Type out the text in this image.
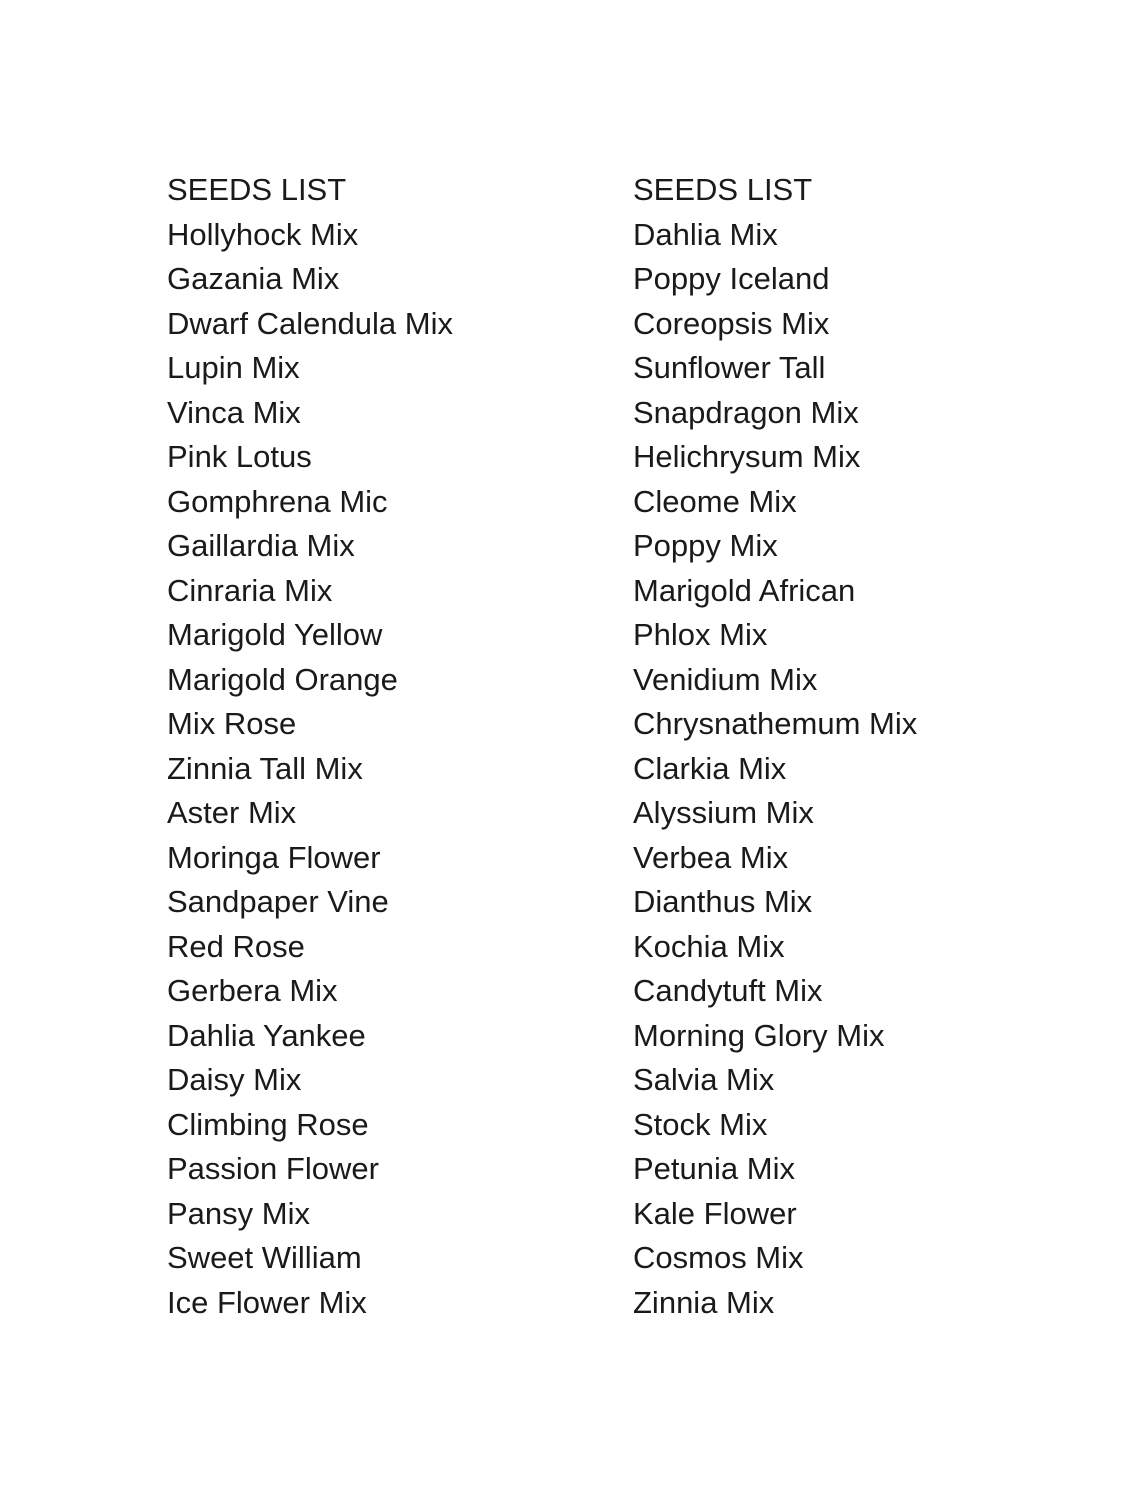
SEEDS LIST
Hollyhock Mix
Gazania Mix
Dwarf Calendula Mix
Lupin Mix
Vinca Mix
Pink Lotus
Gomphrena Mic
Gaillardia Mix
Cinraria Mix
Marigold Yellow
Marigold Orange
Mix Rose
Zinnia Tall Mix
Aster Mix
Moringa Flower
Sandpaper Vine
Red Rose
Gerbera Mix
Dahlia Yankee
Daisy Mix
Climbing Rose
Passion Flower
Pansy Mix
Sweet William
Ice Flower Mix
SEEDS LIST
Dahlia Mix
Poppy Iceland
Coreopsis Mix
Sunflower Tall
Snapdragon Mix
Helichrysum Mix
Cleome Mix
Poppy Mix
Marigold African
Phlox Mix
Venidium Mix
Chrysnathemum Mix
Clarkia Mix
Alyssium Mix
Verbea Mix
Dianthus Mix
Kochia Mix
Candytuft Mix
Morning Glory Mix
Salvia Mix
Stock Mix
Petunia Mix
Kale Flower
Cosmos Mix
Zinnia Mix
